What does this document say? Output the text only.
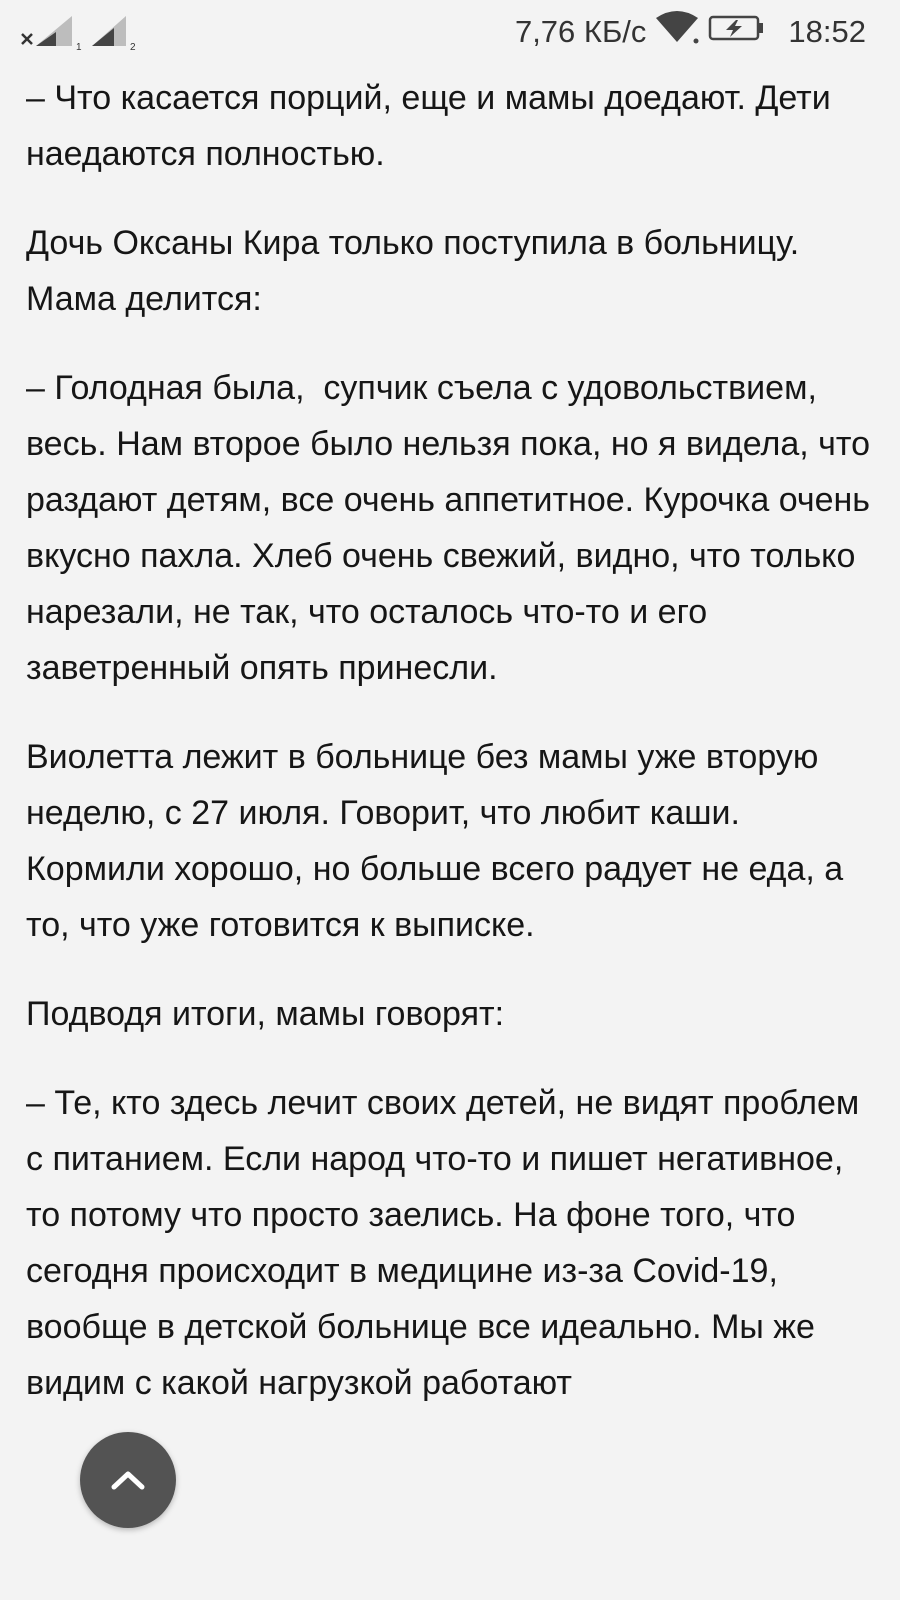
1	2	7,76 КБ/с	18:52

– Что касается порций, еще и мамы доедают. Дети наедаются полностью.

Дочь Оксаны Кира только поступила в больницу. Мама делится:

– Голодная была,  супчик съела с удовольствием, весь. Нам второе было нельзя пока, но я видела, что раздают детям, все очень аппетитное. Курочка очень вкусно пахла. Хлеб очень свежий, видно, что только нарезали, не так, что осталось что-то и его заветренный опять принесли.

Виолетта лежит в больнице без мамы уже вторую неделю, с 27 июля. Говорит, что любит каши. Кормили хорошо, но больше всего радует не еда, а то, что уже готовится к выписке.

Подводя итоги, мамы говорят:

– Те, кто здесь лечит своих детей, не видят проблем с питанием. Если народ что-то и пишет негативное, то потому что просто заелись. На фоне того, что сегодня происходит в медицине из-за Covid-19, вообще в детской больнице все идеально. Мы же видим с какой нагрузкой работают
